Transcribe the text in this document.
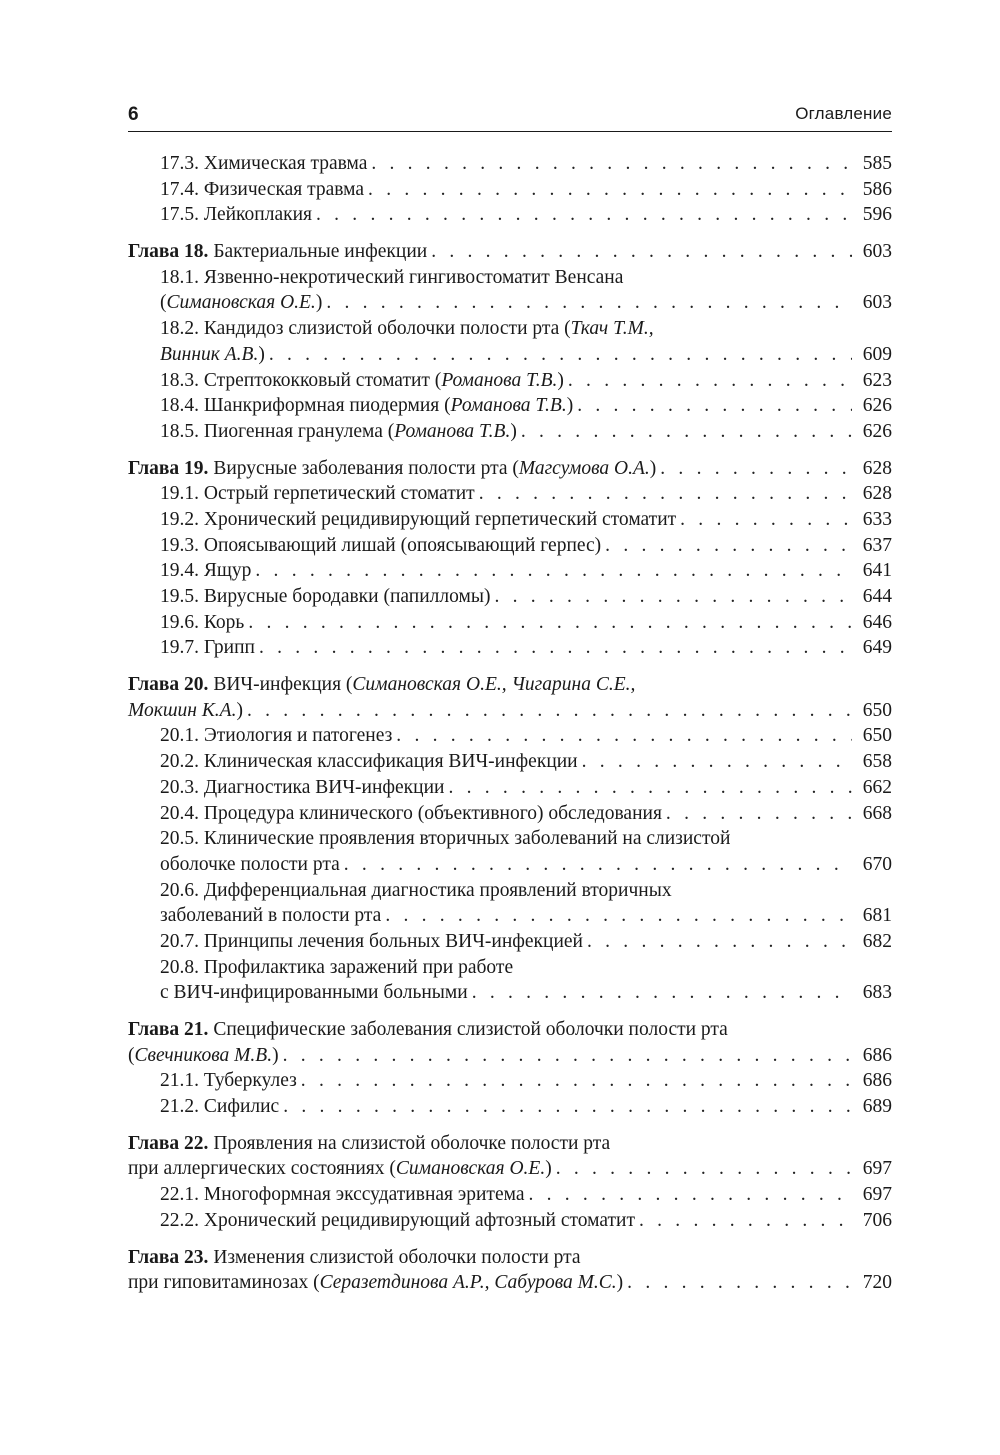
6	Оглавление
17.3. Химическая травма . . .	585
17.4. Физическая травма . . .	586
17.5. Лейкоплакия . . .	596
Глава 18. Бактериальные инфекции . . .	603
18.1. Язвенно-некротический гингивостоматит Венсана
(Симановская О.Е.) . . .	603
18.2. Кандидоз слизистой оболочки полости рта (Ткач Т.М.,
Винник А.В.) . . .	609
18.3. Стрептококковый стоматит (Романова Т.В.) . . .	623
18.4. Шанкриформная пиодермия (Романова Т.В.) . . .	626
18.5. Пиогенная гранулема (Романова Т.В.) . . .	626
Глава 19. Вирусные заболевания полости рта (Магсумова О.А.) . . .	628
19.1. Острый герпетический стоматит . . .	628
19.2. Хронический рецидивирующий герпетический стоматит . . .	633
19.3. Опоясывающий лишай (опоясывающий герпес) . . .	637
19.4. Ящур . . .	641
19.5. Вирусные бородавки (папилломы) . . .	644
19.6. Корь . . .	646
19.7. Грипп . . .	649
Глава 20. ВИЧ-инфекция (Симановская О.Е., Чигарина С.Е.,
Мокшин К.А.) . . .	650
20.1. Этиология и патогенез . . .	650
20.2. Клиническая классификация ВИЧ-инфекции . . .	658
20.3. Диагностика ВИЧ-инфекции . . .	662
20.4. Процедура клинического (объективного) обследования . . .	668
20.5. Клинические проявления вторичных заболеваний на слизистой
оболочке полости рта . . .	670
20.6. Дифференциальная диагностика проявлений вторичных
заболеваний в полости рта . . .	681
20.7. Принципы лечения больных ВИЧ-инфекцией . . .	682
20.8. Профилактика заражений при работе
с ВИЧ-инфицированными больными . . .	683
Глава 21. Специфические заболевания слизистой оболочки полости рта
(Свечникова М.В.) . . .	686
21.1. Туберкулез . . .	686
21.2. Сифилис . . .	689
Глава 22. Проявления на слизистой оболочке полости рта
при аллергических состояниях (Симановская О.Е.) . . .	697
22.1. Многоформная экссудативная эритема . . .	697
22.2. Хронический рецидивирующий афтозный стоматит . . .	706
Глава 23. Изменения слизистой оболочки полости рта
при гиповитаминозах (Серазетдинова А.Р., Сабурова М.С.) . . .	720
